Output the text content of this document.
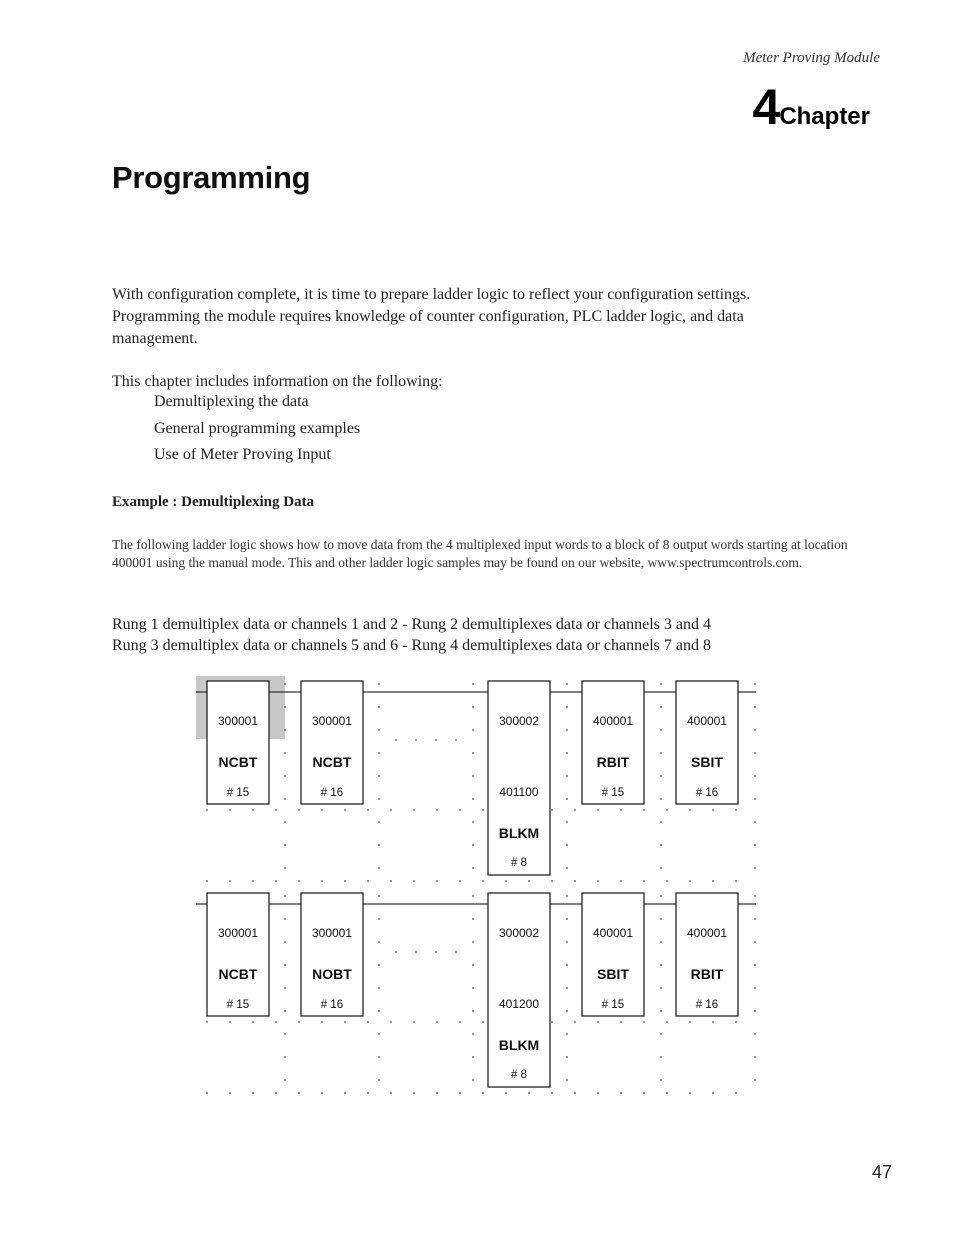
Meter Proving Module
4Chapter
Programming

With configuration complete, it is time to prepare ladder logic to reflect your configuration settings. Programming the module requires knowledge of counter configuration, PLC ladder logic, and data management.

This chapter includes information on the following:

Demultiplexing the data
General programming examples
Use of Meter Proving Input
Example : Demultiplexing Data

The following ladder logic shows how to move data from the 4 multiplexed input words to a block of 8 output words starting at location 400001 using the manual mode. This and other ladder logic samples may be found on our website, www.spectrumcontrols.com.

Rung 1 demultiplex data or channels 1 and 2 - Rung 2 demultiplexes data or channels 3 and 4
Rung 3 demultiplex data or channels 5 and 6 - Rung 4 demultiplexes data or channels 7 and 8

300001
NCBT
# 15
300001
NCBT
# 16
300002
401100
BLKM
# 8
400001
RBIT
# 15
400001
SBIT
# 16
300001
NCBT
# 15
300001
NOBT
# 16
300002
401200
BLKM
# 8
400001
SBIT
# 15
400001
RBIT
# 16
47
